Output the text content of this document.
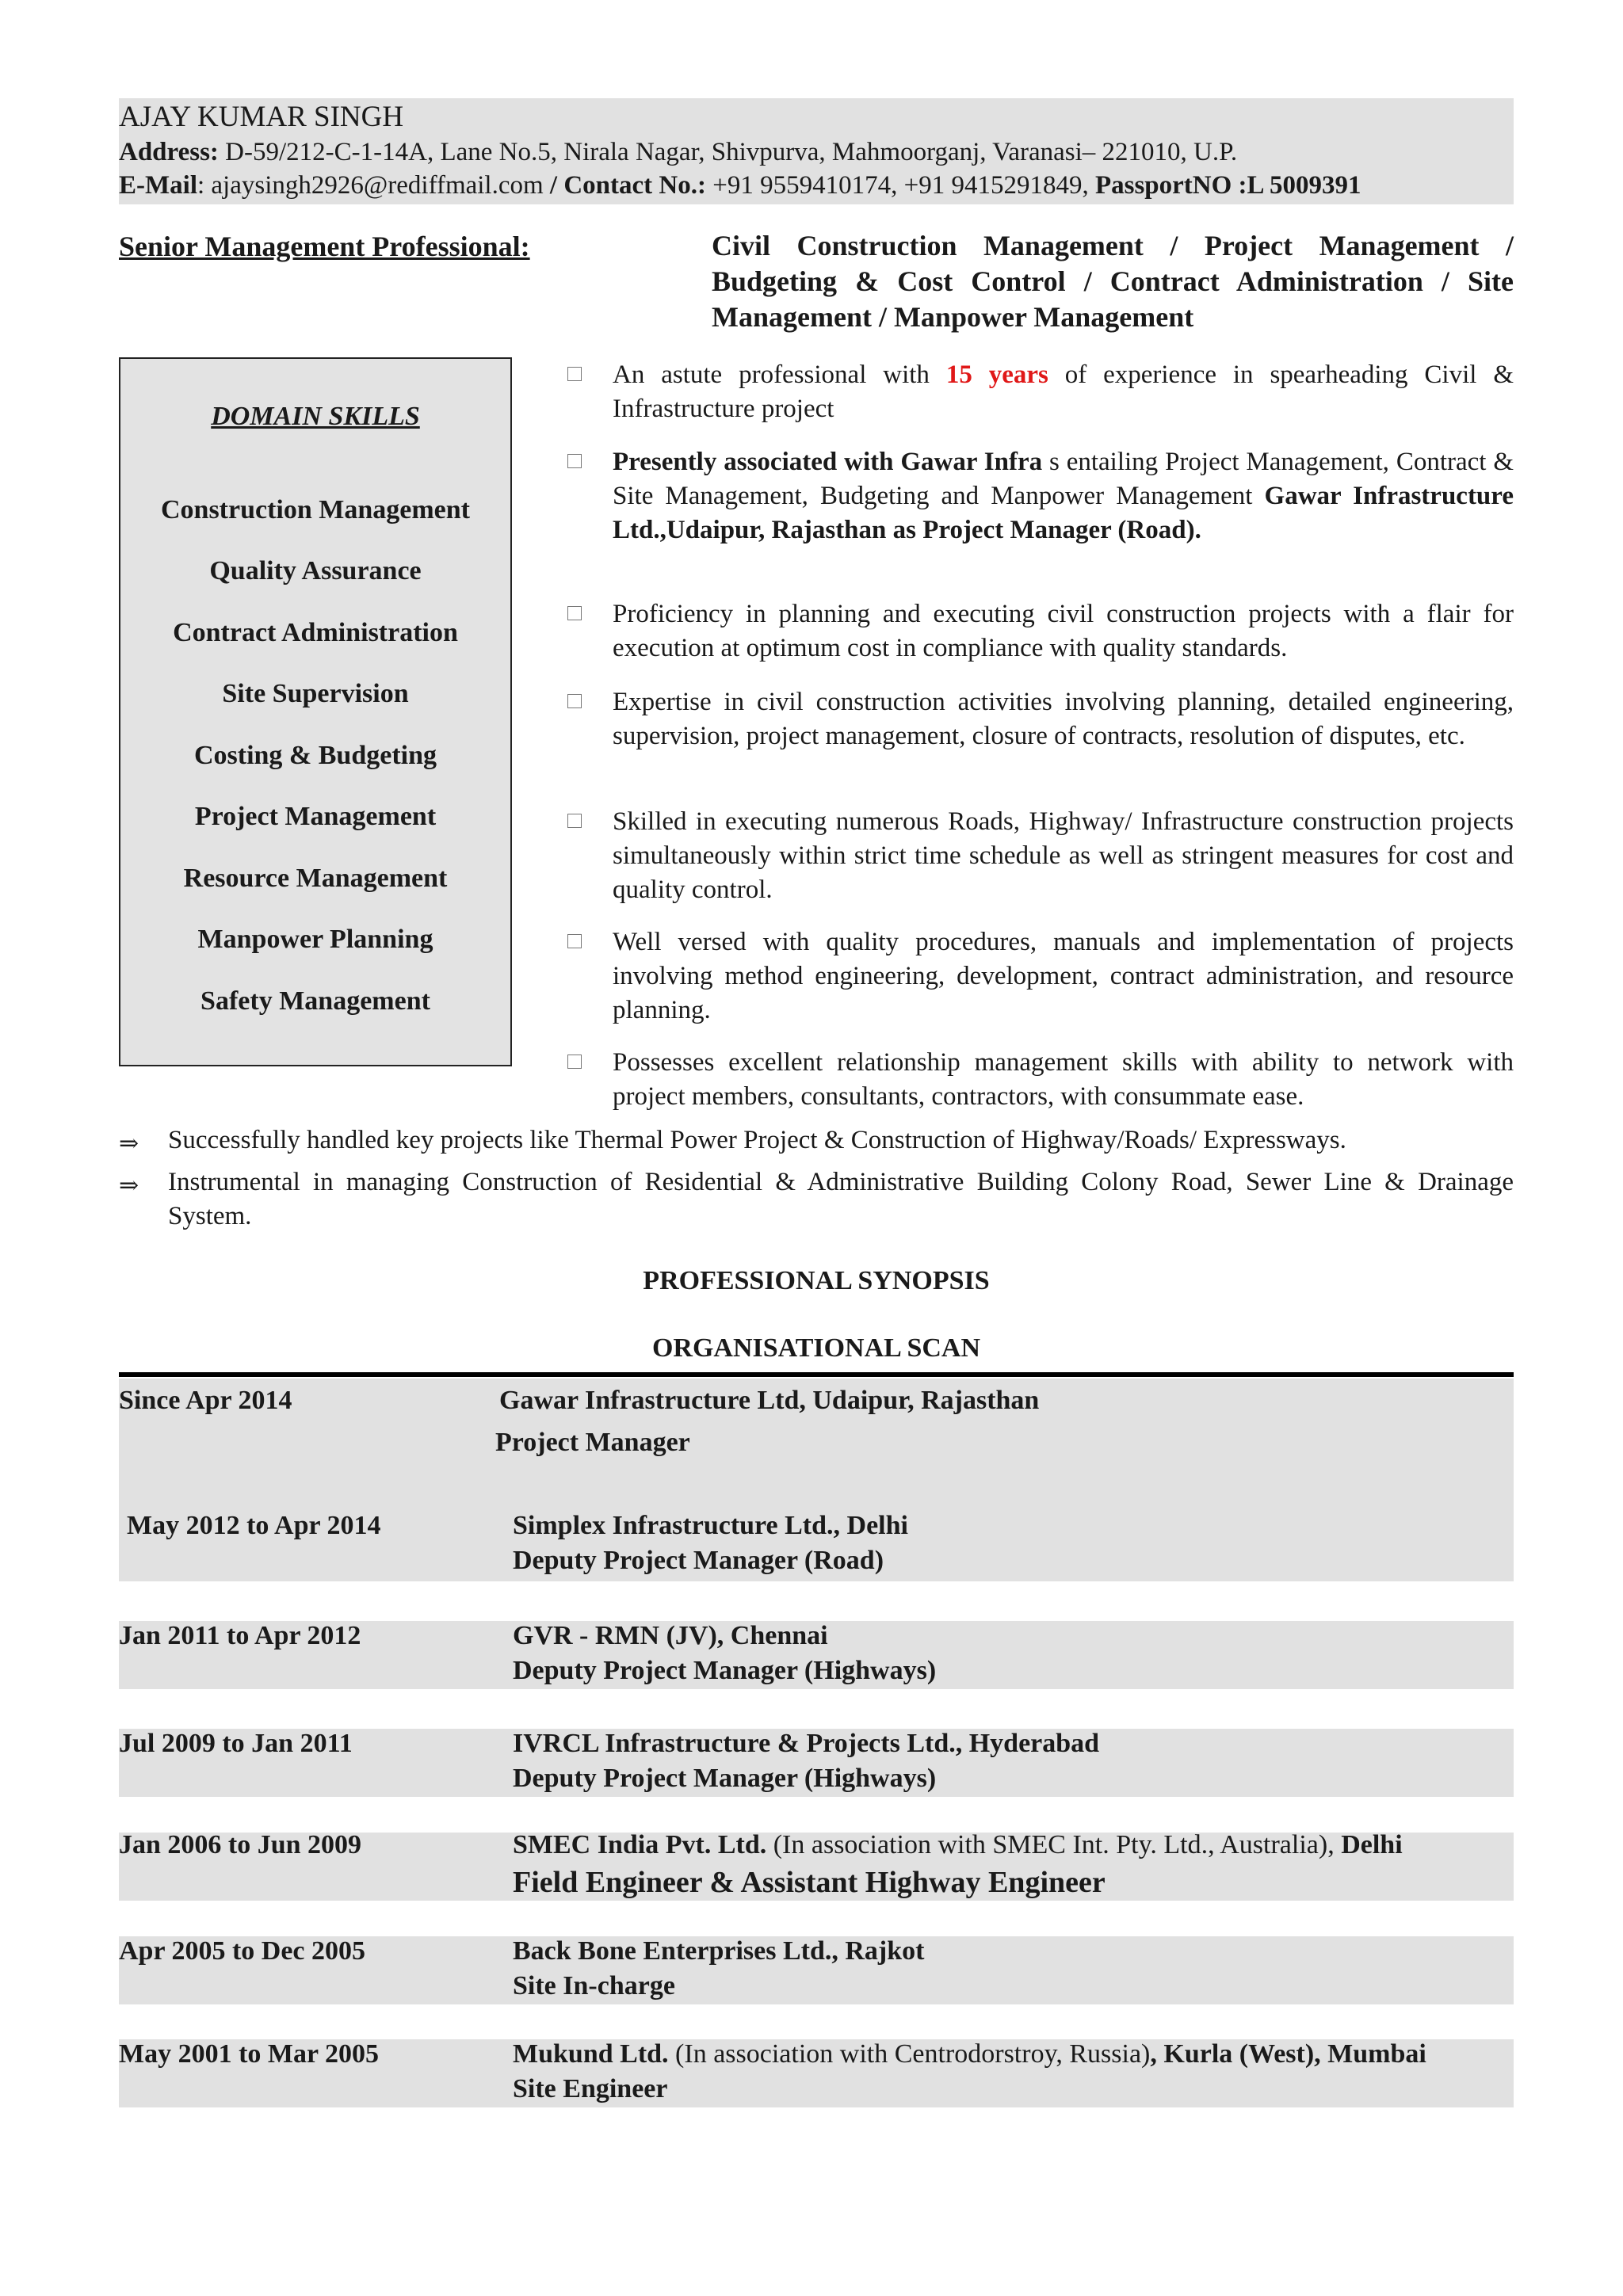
AJAY KUMAR SINGH
Address: D-59/212-C-1-14A, Lane No.5, Nirala Nagar, Shivpurva, Mahmoorganj, Varanasi– 221010, U.P.
E-Mail: ajaysingh2926@rediffmail.com / Contact No.: +91 9559410174, +91 9415291849, PassportNO :L 5009391
Senior Management Professional:	Civil Construction Management / Project Management / Budgeting & Cost Control / Contract Administration / Site Management / Manpower Management
DOMAIN SKILLS
Construction Management
Quality Assurance
Contract Administration
Site Supervision
Costing & Budgeting
Project Management
Resource Management
Manpower Planning
Safety Management
An astute professional with 15 years of experience in spearheading Civil & Infrastructure project
Presently associated with Gawar Infra s entailing Project Management, Contract & Site Management, Budgeting and Manpower Management Gawar Infrastructure Ltd.,Udaipur, Rajasthan as Project Manager (Road).
Proficiency in planning and executing civil construction projects with a flair for execution at optimum cost in compliance with quality standards.
Expertise in civil construction activities involving planning, detailed engineering, supervision, project management, closure of contracts, resolution of disputes, etc.
Skilled in executing numerous Roads, Highway/ Infrastructure construction projects simultaneously within strict time schedule as well as stringent measures for cost and quality control.
Well versed with quality procedures, manuals and implementation of projects involving method engineering, development, contract administration, and resource planning.
Possesses excellent relationship management skills with ability to network with project members, consultants, contractors, with consummate ease.
⇒ Successfully handled key projects like Thermal Power Project & Construction of Highway/Roads/ Expressways.
⇒ Instrumental in managing Construction of Residential & Administrative Building Colony Road, Sewer Line & Drainage System.
PROFESSIONAL SYNOPSIS
ORGANISATIONAL SCAN
Since Apr 2014	Gawar Infrastructure Ltd, Udaipur, Rajasthan
Project Manager
May 2012 to Apr 2014	Simplex Infrastructure Ltd., Delhi
Deputy Project Manager (Road)
Jan 2011 to Apr 2012	GVR - RMN (JV), Chennai
Deputy Project Manager (Highways)
Jul 2009 to Jan 2011	IVRCL Infrastructure & Projects Ltd., Hyderabad
Deputy Project Manager (Highways)
Jan 2006 to Jun 2009	SMEC India Pvt. Ltd. (In association with SMEC Int. Pty. Ltd., Australia), Delhi
Field Engineer & Assistant Highway Engineer
Apr 2005 to Dec 2005	Back Bone Enterprises Ltd., Rajkot
Site In-charge
May 2001 to Mar 2005	Mukund Ltd. (In association with Centrodorstroy, Russia), Kurla (West), Mumbai
Site Engineer
